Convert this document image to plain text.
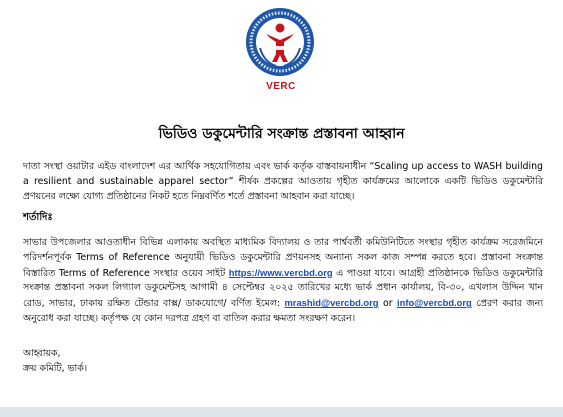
VERC
ভিডিও ডকুমেন্টারি সংক্রান্ত প্রস্তাবনা আহ্বান

দাতা সংস্থা ওয়াটার এইড বাংলাদেশ এর আর্থিক সহযোগিতায় এবং ভার্ক কর্তৃক বাস্তবায়নাধীন “Scaling up access to WASH building a resilient and sustainable apparel sector” শীর্ষক প্রকল্পের আওতায় গৃহীত কার্যক্রমের আলোকে একটি ভিডিও ডকুমেন্টারি প্রণয়নের লক্ষ্যে যোগ্য প্রতিষ্ঠানের নিকট হতে নিম্নবর্ণিত শর্তে প্রস্তাবনা আহবান করা যাচ্ছে।

শর্তাদিঃ

সাভার উপজেলার আওতাধীন বিভিন্ন এলাকায় অবস্থিত মাধ্যমিক বিদ্যালয় ও তার পার্শ্ববর্তী কমিউনিটিতে সংস্থার গৃহীত কার্যক্রম সরেজমিনে পরিদর্শনপূর্বক Terms of Reference অনুযায়ী ভিডিও ডকুমেন্টারি প্রণয়নসহ অন্যান্য সকল কাজ সম্পন্ন করতে হবে। প্রস্তাবনা সংক্রান্ত বিস্তারিত Terms of Reference সংস্থার ওয়েব সাইট https://www.vercbd.org এ পাওয়া যাবে। আগ্রহী প্রতিষ্ঠানকে ভিডিও ডকুমেন্টারি সংক্রান্ত প্রস্তাবনা সকল লিগ্যাল ডকুমেন্টসহ আগামী ৪ সেপ্টেম্বর ২০২৫ তারিখের মধ্যে ভার্ক প্রধান কার্যালয়, বি-৩০, এখলাস উদ্দিন খান রোড, সাভার, ঢাকায় রক্ষিত টেন্ডার বাক্স/ ডাকযোগে/ বর্ণিত ইমেল: mrashid@vercbd.org or info@vercbd.org প্রেরণ করার জন্য অনুরোধ করা যাচ্ছে। কর্তৃপক্ষ যে কোন দরপত্র গ্রহণ বা বাতিল করার ক্ষমতা সংরক্ষণ করেন।

আহ্বায়ক,
ক্রয় কমিটি, ভার্ক।
